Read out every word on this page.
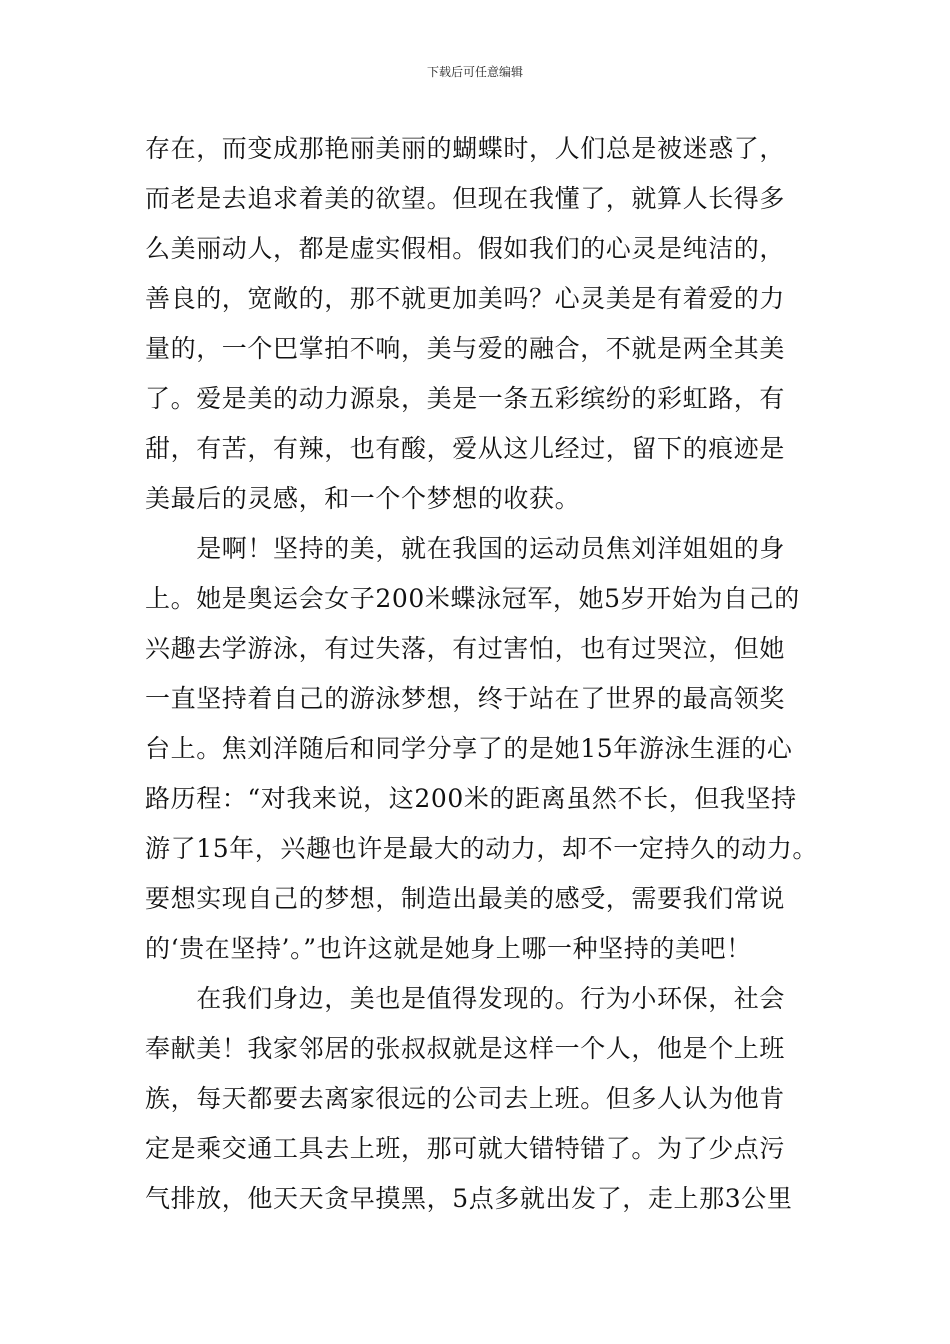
下载后可任意编辑
存在，而变成那艳丽美丽的蝴蝶时，人们总是被迷惑了，
而老是去追求着美的欲望。但现在我懂了，就算人长得多
么美丽动人，都是虚实假相。假如我们的心灵是纯洁的，
善良的，宽敞的，那不就更加美吗？心灵美是有着爱的力
量的，一个巴掌拍不响，美与爱的融合，不就是两全其美
了。爱是美的动力源泉，美是一条五彩缤纷的彩虹路，有
甜，有苦，有辣，也有酸，爱从这儿经过，留下的痕迹是
美最后的灵感，和一个个梦想的收获。
　　是啊！坚持的美，就在我国的运动员焦刘洋姐姐的身
上。她是奥运会女子200米蝶泳冠军，她5岁开始为自己的
兴趣去学游泳，有过失落，有过害怕，也有过哭泣，但她
一直坚持着自己的游泳梦想，终于站在了世界的最高领奖
台上。焦刘洋随后和同学分享了的是她15年游泳生涯的心
路历程：“对我来说，这200米的距离虽然不长，但我坚持
游了15年，兴趣也许是最大的动力，却不一定持久的动力。
要想实现自己的梦想，制造出最美的感受，需要我们常说
的‘贵在坚持’。”也许这就是她身上哪一种坚持的美吧！
　　在我们身边，美也是值得发现的。行为小环保，社会
奉献美！我家邻居的张叔叔就是这样一个人，他是个上班
族，每天都要去离家很远的公司去上班。但多人认为他肯
定是乘交通工具去上班，那可就大错特错了。为了少点污
气排放，他天天贪早摸黑，5点多就出发了，走上那3公里
